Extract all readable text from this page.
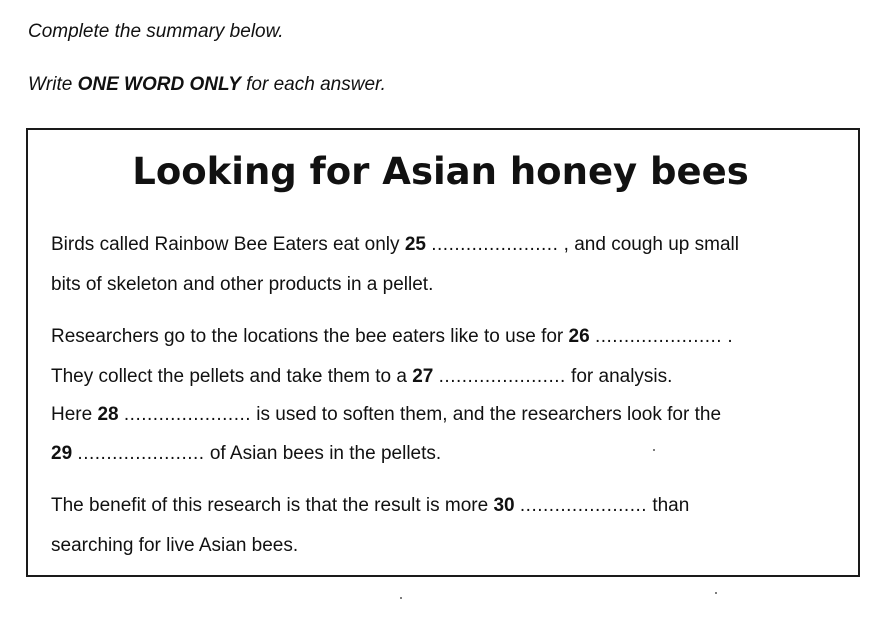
Complete the summary below.

Write ONE WORD ONLY for each answer.

Looking for Asian honey bees

Birds called Rainbow Bee Eaters eat only 25 ...................... , and cough up small

bits of skeleton and other products in a pellet.

Researchers go to the locations the bee eaters like to use for 26 ...................... .

They collect the pellets and take them to a 27 ...................... for analysis.

Here 28 ...................... is used to soften them, and the researchers look for the

29 ...................... of Asian bees in the pellets.

The benefit of this research is that the result is more 30 ...................... than

searching for live Asian bees.
